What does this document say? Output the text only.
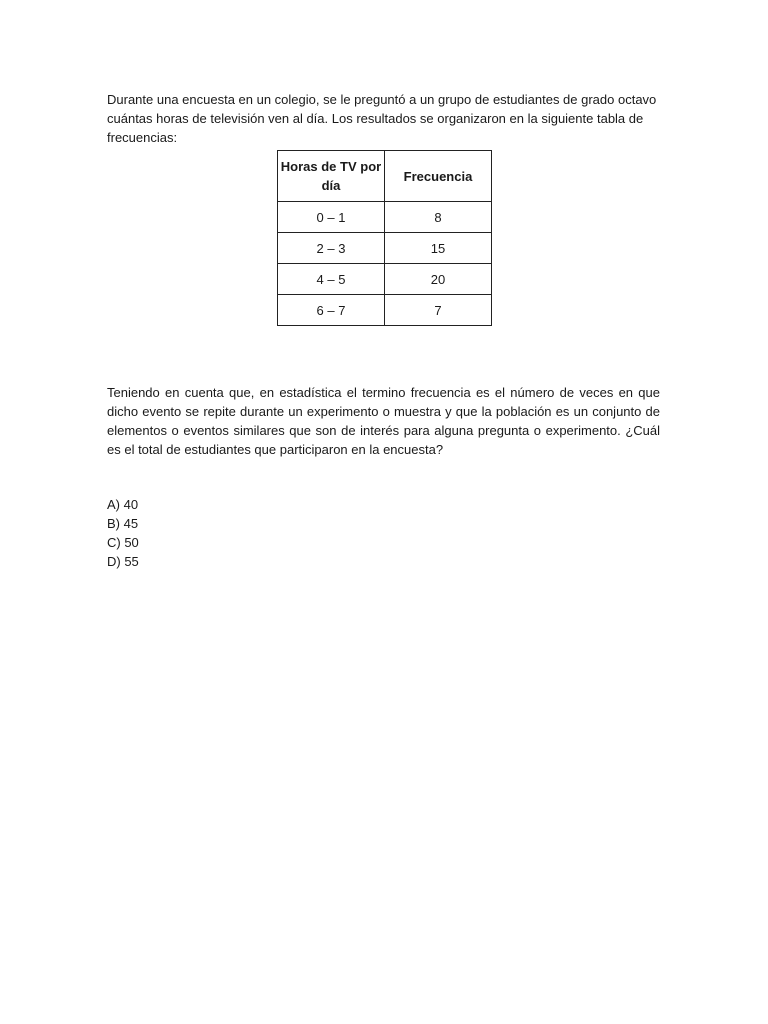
Durante una encuesta en un colegio, se le preguntó a un grupo de estudiantes de grado octavo cuántas horas de televisión ven al día. Los resultados se organizaron en la siguiente tabla de frecuencias:

Horas de TV por día	Frecuencia
0 – 1	8
2 – 3	15
4 – 5	20
6 – 7	7

Teniendo en cuenta que, en estadística el termino frecuencia es el número de veces en que dicho evento se repite durante un experimento o muestra y que la población es un conjunto de elementos o eventos similares que son de interés para alguna pregunta o experimento. ¿Cuál es el total de estudiantes que participaron en la encuesta?

A) 40
B) 45
C) 50
D) 55
